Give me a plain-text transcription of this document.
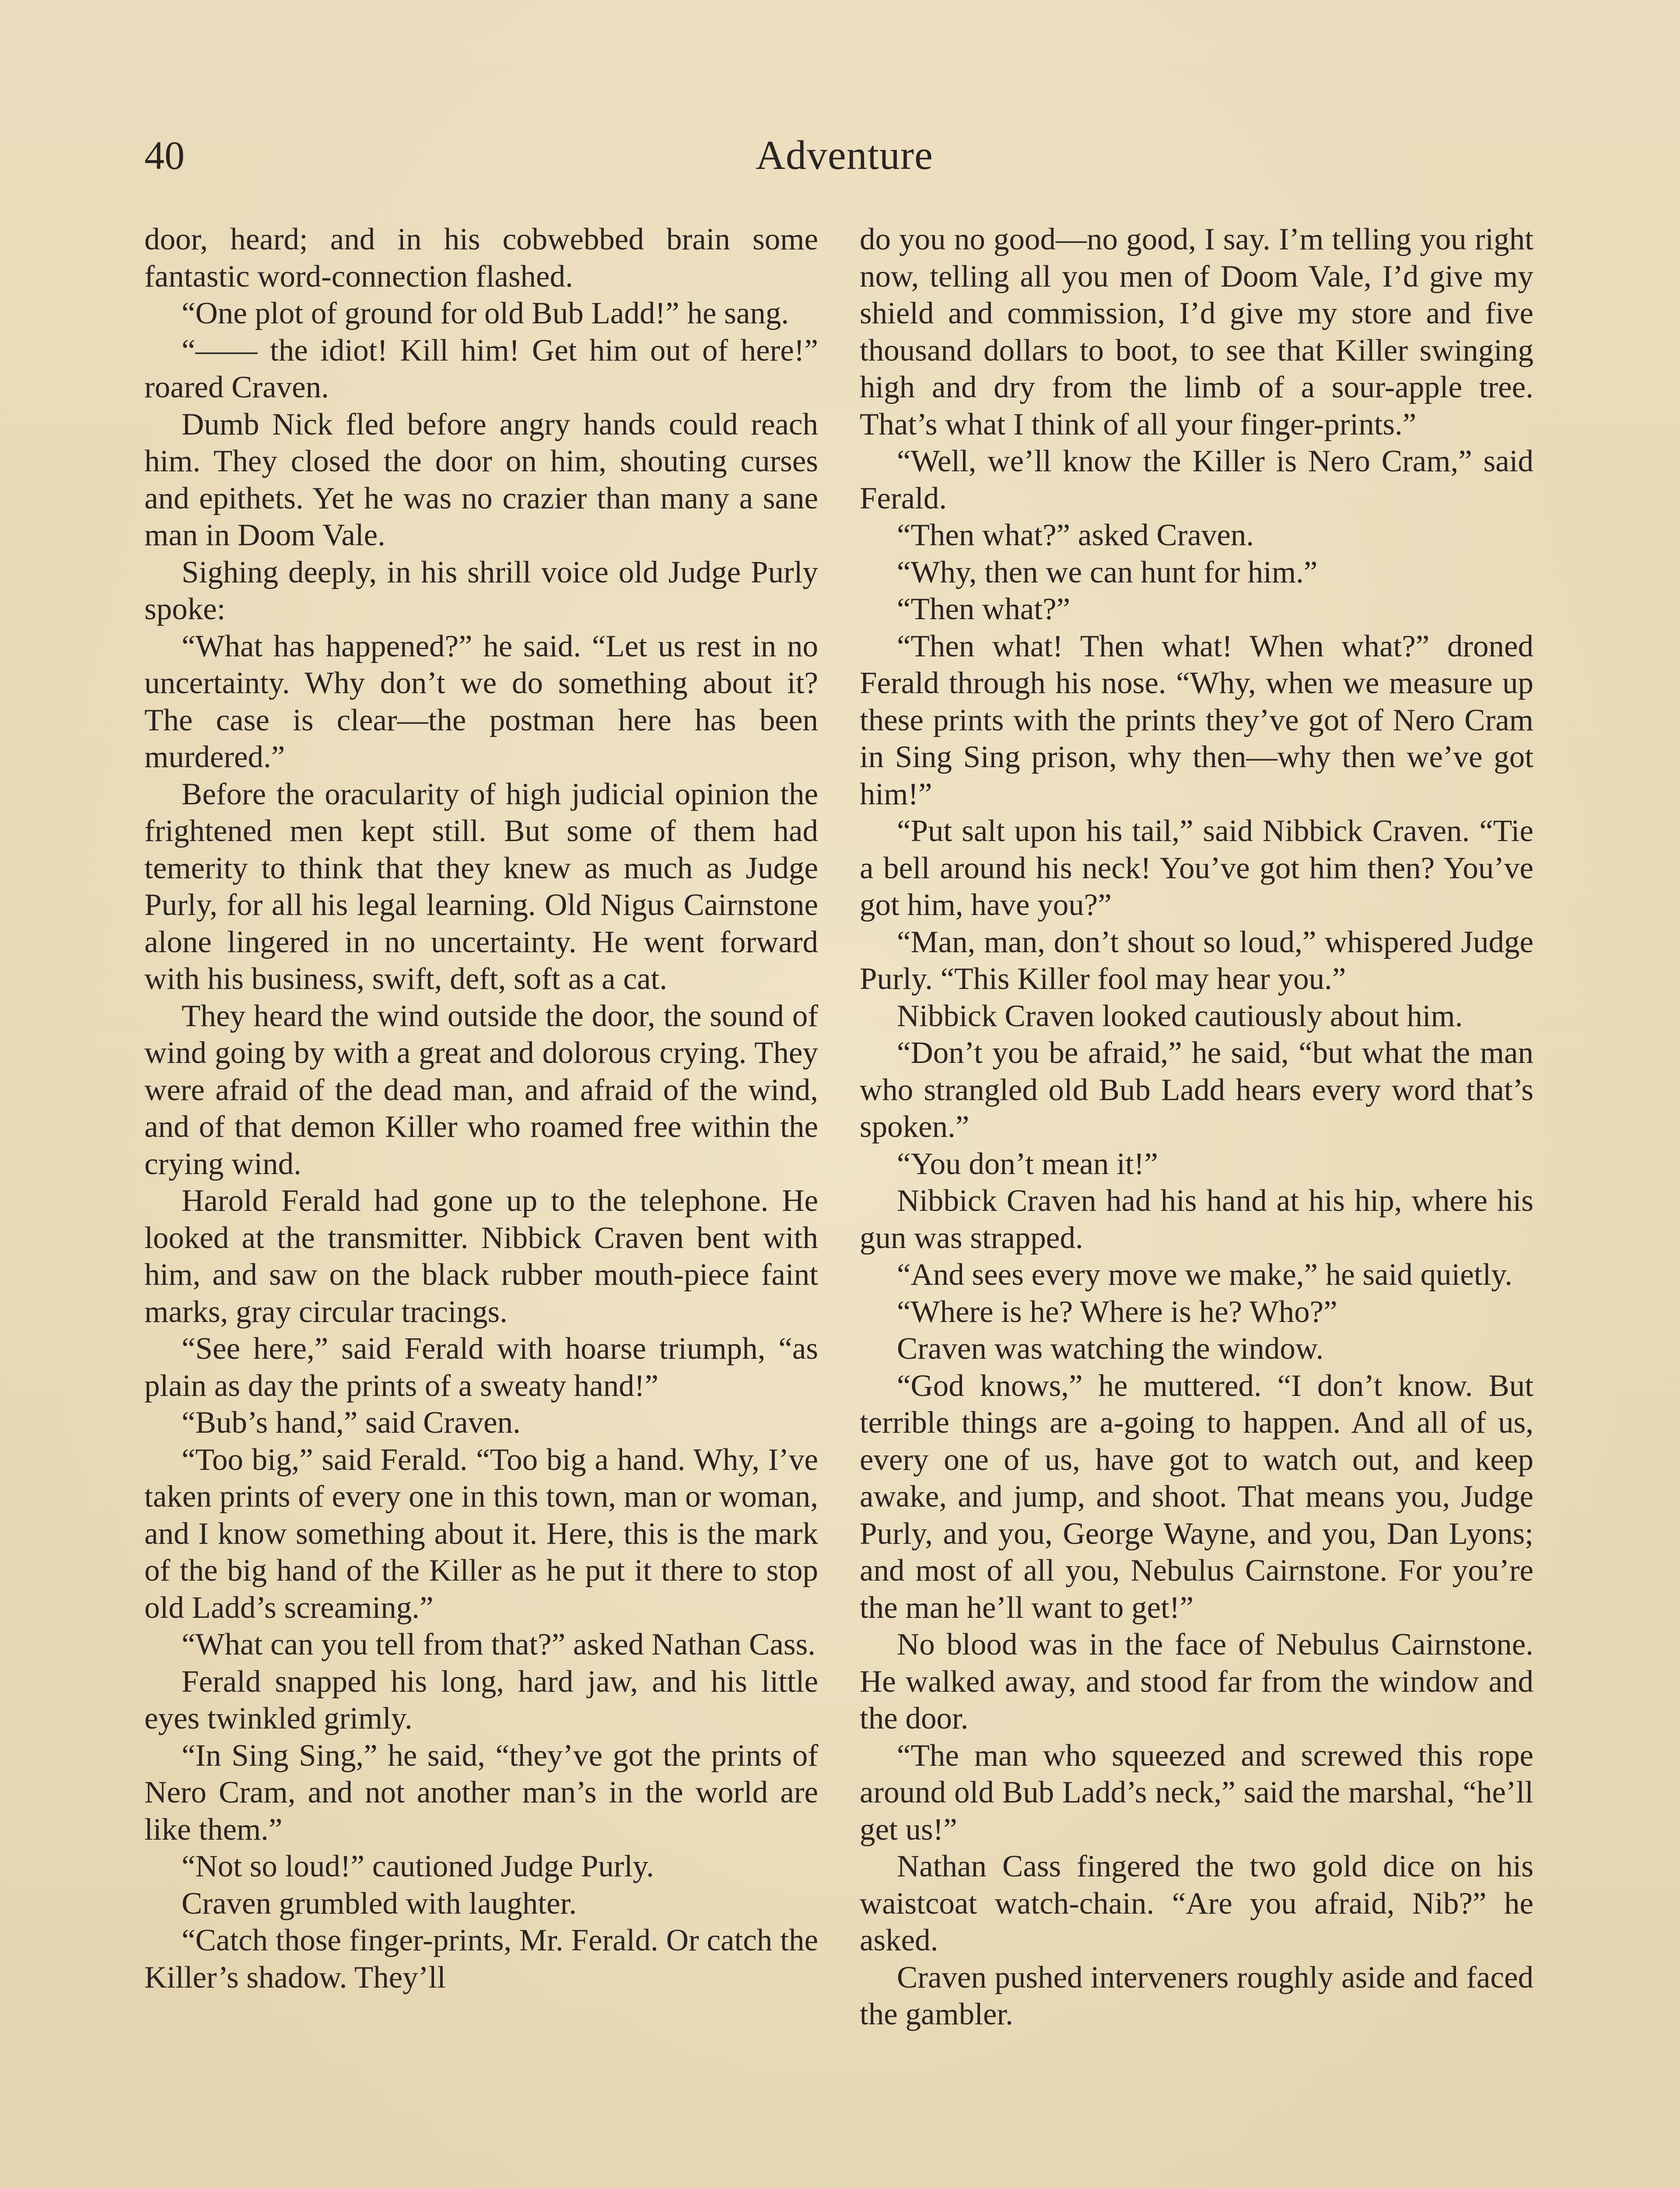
40	Adventure

door, heard; and in his cobwebbed brain some fantastic word-connection flashed.

“One plot of ground for old Bub Ladd!” he sang.

“—— the idiot! Kill him! Get him out of here!” roared Craven.

Dumb Nick fled before angry hands could reach him. They closed the door on him, shouting curses and epithets. Yet he was no crazier than many a sane man in Doom Vale.

Sighing deeply, in his shrill voice old Judge Purly spoke:

“What has happened?” he said. “Let us rest in no uncertainty. Why don’t we do something about it? The case is clear—the postman here has been murdered.”

Before the oracularity of high judicial opinion the frightened men kept still. But some of them had temerity to think that they knew as much as Judge Purly, for all his legal learning. Old Nigus Cairnstone alone lingered in no uncertainty. He went forward with his business, swift, deft, soft as a cat.

They heard the wind outside the door, the sound of wind going by with a great and dolorous crying. They were afraid of the dead man, and afraid of the wind, and of that demon Killer who roamed free within the crying wind.

Harold Ferald had gone up to the telephone. He looked at the transmitter. Nibbick Craven bent with him, and saw on the black rubber mouth-piece faint marks, gray circular tracings.

“See here,” said Ferald with hoarse triumph, “as plain as day the prints of a sweaty hand!”

“Bub’s hand,” said Craven.

“Too big,” said Ferald. “Too big a hand. Why, I’ve taken prints of every one in this town, man or woman, and I know something about it. Here, this is the mark of the big hand of the Killer as he put it there to stop old Ladd’s screaming.”

“What can you tell from that?” asked Nathan Cass.

Ferald snapped his long, hard jaw, and his little eyes twinkled grimly.

“In Sing Sing,” he said, “they’ve got the prints of Nero Cram, and not another man’s in the world are like them.”

“Not so loud!” cautioned Judge Purly.

Craven grumbled with laughter.

“Catch those finger-prints, Mr. Ferald. Or catch the Killer’s shadow. They’ll

do you no good—no good, I say. I’m telling you right now, telling all you men of Doom Vale, I’d give my shield and commission, I’d give my store and five thousand dollars to boot, to see that Killer swinging high and dry from the limb of a sour-apple tree. That’s what I think of all your finger-prints.”

“Well, we’ll know the Killer is Nero Cram,” said Ferald.

“Then what?” asked Craven.

“Why, then we can hunt for him.”

“Then what?”

“Then what! Then what! When what?” droned Ferald through his nose. “Why, when we measure up these prints with the prints they’ve got of Nero Cram in Sing Sing prison, why then—why then we’ve got him!”

“Put salt upon his tail,” said Nibbick Craven. “Tie a bell around his neck! You’ve got him then? You’ve got him, have you?”

“Man, man, don’t shout so loud,” whispered Judge Purly. “This Killer fool may hear you.”

Nibbick Craven looked cautiously about him.

“Don’t you be afraid,” he said, “but what the man who strangled old Bub Ladd hears every word that’s spoken.”

“You don’t mean it!”

Nibbick Craven had his hand at his hip, where his gun was strapped.

“And sees every move we make,” he said quietly.

“Where is he? Where is he? Who?”

Craven was watching the window.

“God knows,” he muttered. “I don’t know. But terrible things are a-going to happen. And all of us, every one of us, have got to watch out, and keep awake, and jump, and shoot. That means you, Judge Purly, and you, George Wayne, and you, Dan Lyons; and most of all you, Nebulus Cairnstone. For you’re the man he’ll want to get!”

No blood was in the face of Nebulus Cairnstone. He walked away, and stood far from the window and the door.

“The man who squeezed and screwed this rope around old Bub Ladd’s neck,” said the marshal, “he’ll get us!”

Nathan Cass fingered the two gold dice on his waistcoat watch-chain. “Are you afraid, Nib?” he asked.

Craven pushed interveners roughly aside and faced the gambler.
